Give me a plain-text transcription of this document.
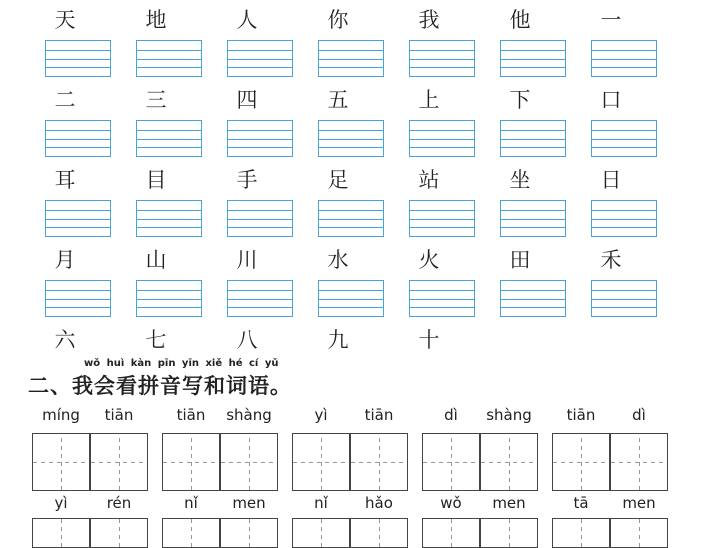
天	地	人	你	我	他	一
二	三	四	五	上	下	口
耳	目	手	足	站	坐	日
月	山	川	水	火	田	禾
六	七	八	九	十
wǒ huì kàn pīn yīn xiě hé cí yǔ
二、我会看拼音写和词语。
míng	tiān	tiān	shàng	yì	tiān	dì	shàng	tiān	dì
yì	rén	nǐ	men	nǐ	hǎo	wǒ	men	tā	men
